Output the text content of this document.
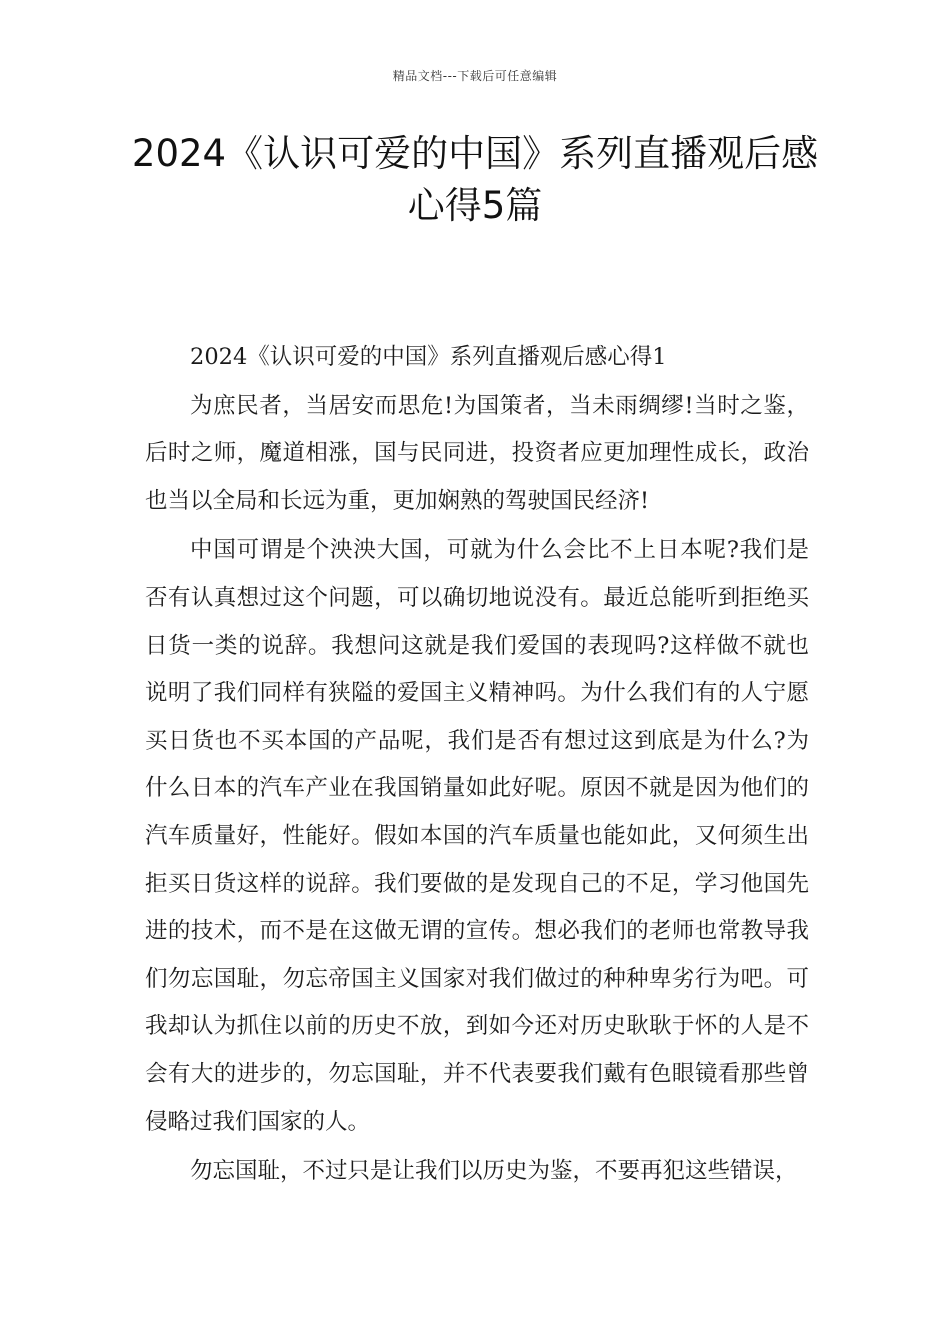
精品文档---下载后可任意编辑
2024《认识可爱的中国》系列直播观后感心得5篇

2024《认识可爱的中国》系列直播观后感心得1

为庶民者，当居安而思危!为国策者，当未雨绸缪!当时之鉴，后时之师，魔道相涨，国与民同进，投资者应更加理性成长，政治也当以全局和长远为重，更加娴熟的驾驶国民经济!

中国可谓是个泱泱大国，可就为什么会比不上日本呢?我们是否有认真想过这个问题，可以确切地说没有。最近总能听到拒绝买日货一类的说辞。我想问这就是我们爱国的表现吗?这样做不就也说明了我们同样有狭隘的爱国主义精神吗。为什么我们有的人宁愿买日货也不买本国的产品呢，我们是否有想过这到底是为什么?为什么日本的汽车产业在我国销量如此好呢。原因不就是因为他们的汽车质量好，性能好。假如本国的汽车质量也能如此，又何须生出拒买日货这样的说辞。我们要做的是发现自己的不足，学习他国先进的技术，而不是在这做无谓的宣传。想必我们的老师也常教导我们勿忘国耻，勿忘帝国主义国家对我们做过的种种卑劣行为吧。可我却认为抓住以前的历史不放，到如今还对历史耿耿于怀的人是不会有大的进步的，勿忘国耻，并不代表要我们戴有色眼镜看那些曾侵略过我们国家的人。

勿忘国耻，不过只是让我们以历史为鉴，不要再犯这些错误，
